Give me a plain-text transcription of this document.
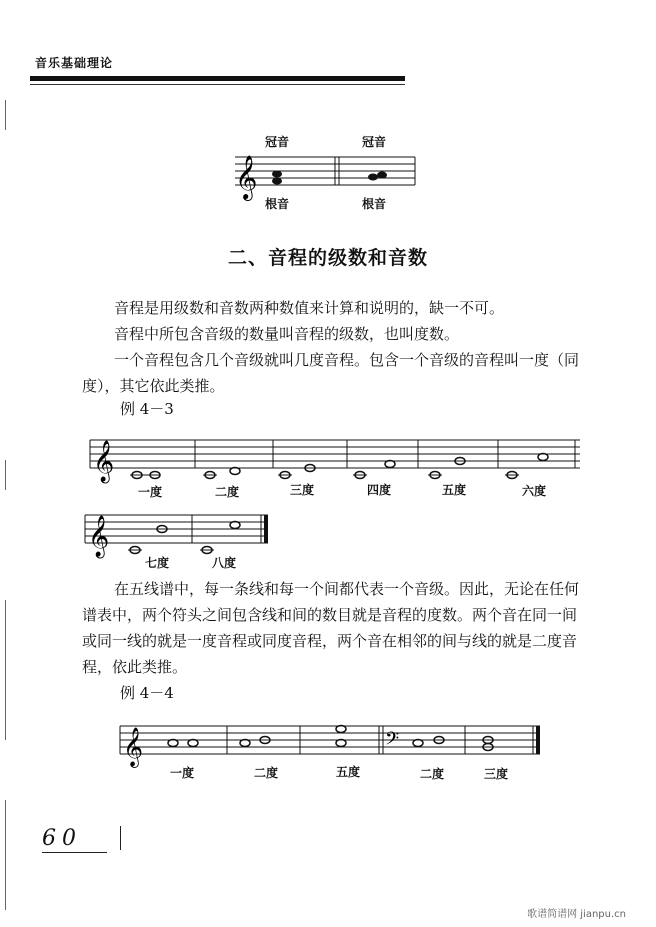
音乐基础理论
𝄞
冠音	冠音
根音	根音
二、音程的级数和音数

音程是用级数和音数两种数值来计算和说明的，缺一不可。

音程中所包含音级的数量叫音程的级数，也叫度数。

一个音程包含几个音级就叫几度音程。包含一个音级的音程叫一度（同度），其它依此类推。

例 4－3
𝄞
一度	二度	三度	四度	五度	六度
𝄞
七度	八度

在五线谱中，每一条线和每一个间都代表一个音级。因此，无论在任何谱表中，两个符头之间包含线和间的数目就是音程的度数。两个音在同一间或同一线的就是一度音程或同度音程，两个音在相邻的间与线的就是二度音程，依此类推。

例 4－4
𝄞	𝄢
一度	二度	五度	二度	三度
60
歌谱简谱网 jianpu.cn
